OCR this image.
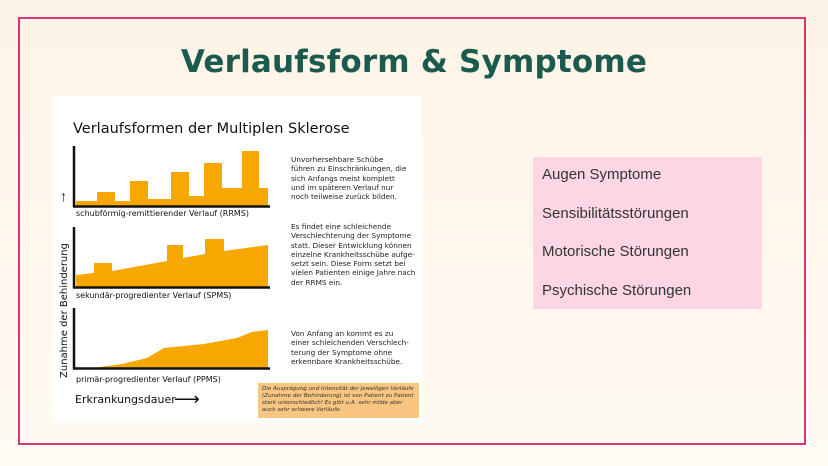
Verlaufsform & Symptome
Verlaufsformen der Multiplen Sklerose
↑
Zunahme der Behinderung
schubförmig-remittierender Verlauf (RRMS)
Unvorhersehbare Schübe
führen zu Einschränkungen, die
sich Anfangs meist komplett
und im späteren Verlauf nur
noch teilweise zurück bilden.
sekundär-progredienter Verlauf (SPMS)
Es findet eine schleichende
Verschlechterung der Symptome
statt. Dieser Entwicklung können
einzelne Krankheitsschübe aufge-
setzt sein. Diese Form setzt bei
vielen Patienten einige Jahre nach
der RRMS ein.
primär-progredienter Verlauf (PPMS)
Von Anfang an kommt es zu
einer schleichenden Verschlech-
terung der Symptome ohne
erkennbare Krankheitsschübe.
Erkrankungsdauer
⟶	Die Ausprägung und Intensität der jeweiligen Verläufe
(Zunahme der Behinderung) ist von Patient zu Patient
stark unterschiedlich! Es gibt u.A. sehr milde aber
auch sehr schwere Verläufe.
Augen Symptome
Sensibilitätsstörungen
Motorische Störungen
Psychische Störungen
